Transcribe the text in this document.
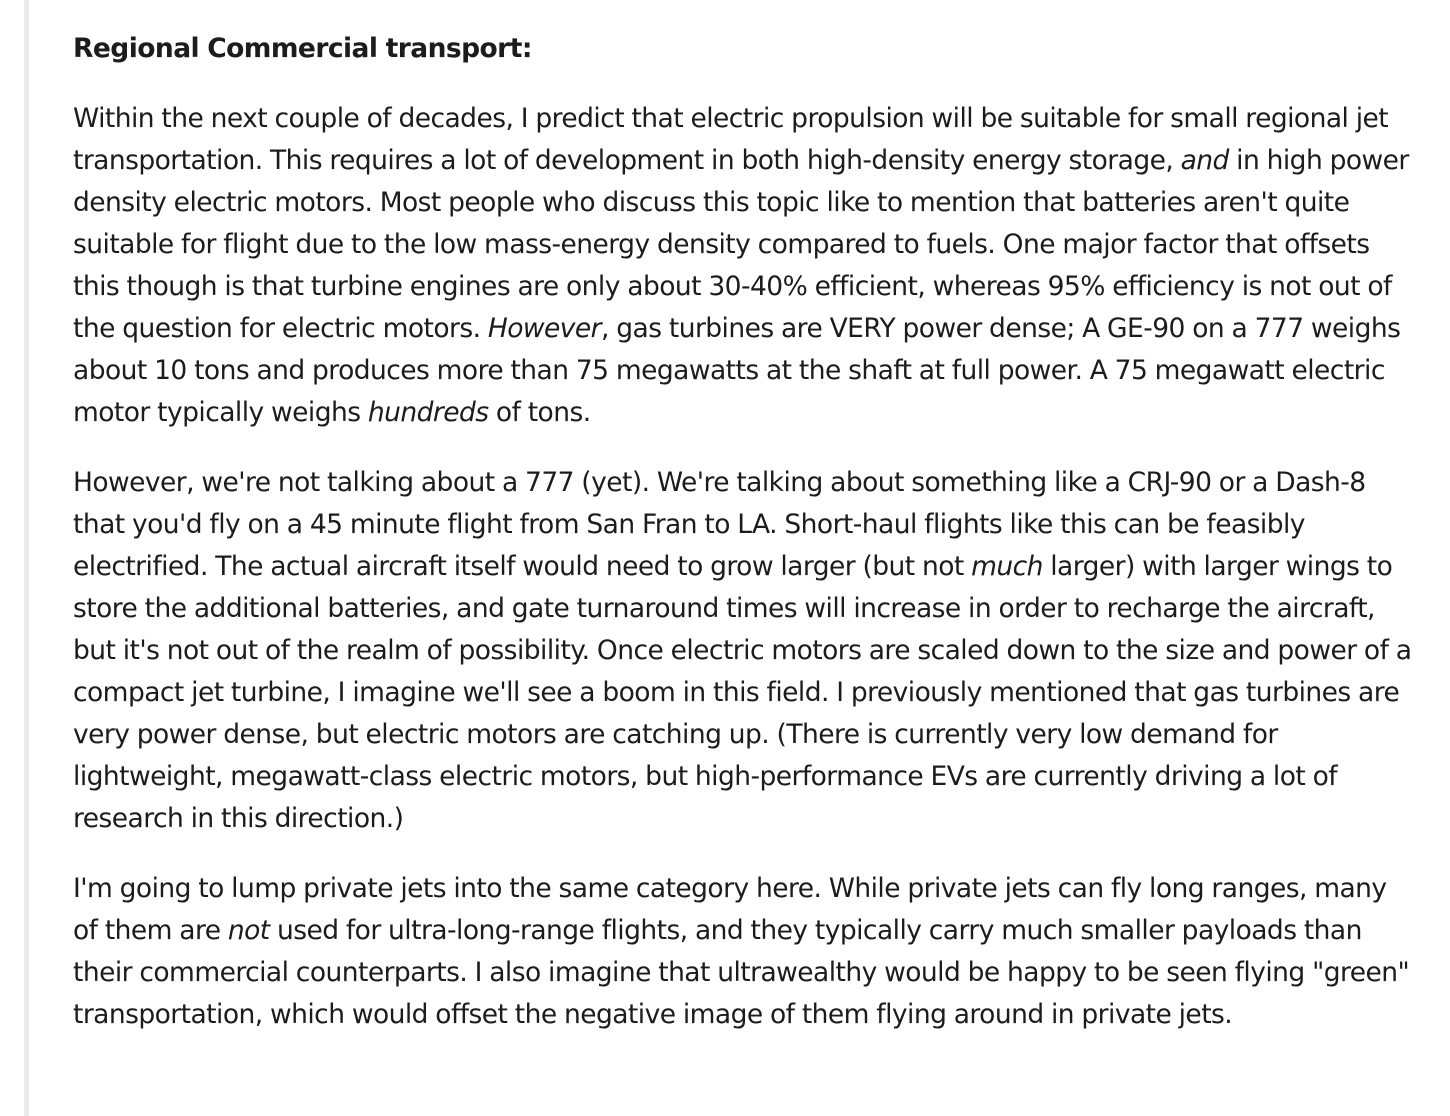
Regional Commercial transport:

Within the next couple of decades, I predict that electric propulsion will be suitable for small regional jet transportation. This requires a lot of development in both high-density energy storage, and in high power density electric motors. Most people who discuss this topic like to mention that batteries aren't quite suitable for flight due to the low mass-energy density compared to fuels. One major factor that offsets this though is that turbine engines are only about 30-40% efficient, whereas 95% efficiency is not out of the question for electric motors. However, gas turbines are VERY power dense; A GE-90 on a 777 weighs about 10 tons and produces more than 75 megawatts at the shaft at full power. A 75 megawatt electric motor typically weighs hundreds of tons.

However, we're not talking about a 777 (yet). We're talking about something like a CRJ-90 or a Dash-8 that you'd fly on a 45 minute flight from San Fran to LA. Short-haul flights like this can be feasibly electrified. The actual aircraft itself would need to grow larger (but not much larger) with larger wings to store the additional batteries, and gate turnaround times will increase in order to recharge the aircraft, but it's not out of the realm of possibility. Once electric motors are scaled down to the size and power of a compact jet turbine, I imagine we'll see a boom in this field. I previously mentioned that gas turbines are very power dense, but electric motors are catching up. (There is currently very low demand for lightweight, megawatt-class electric motors, but high-performance EVs are currently driving a lot of research in this direction.)

I'm going to lump private jets into the same category here. While private jets can fly long ranges, many of them are not used for ultra-long-range flights, and they typically carry much smaller payloads than their commercial counterparts. I also imagine that ultrawealthy would be happy to be seen flying "green" transportation, which would offset the negative image of them flying around in private jets.
